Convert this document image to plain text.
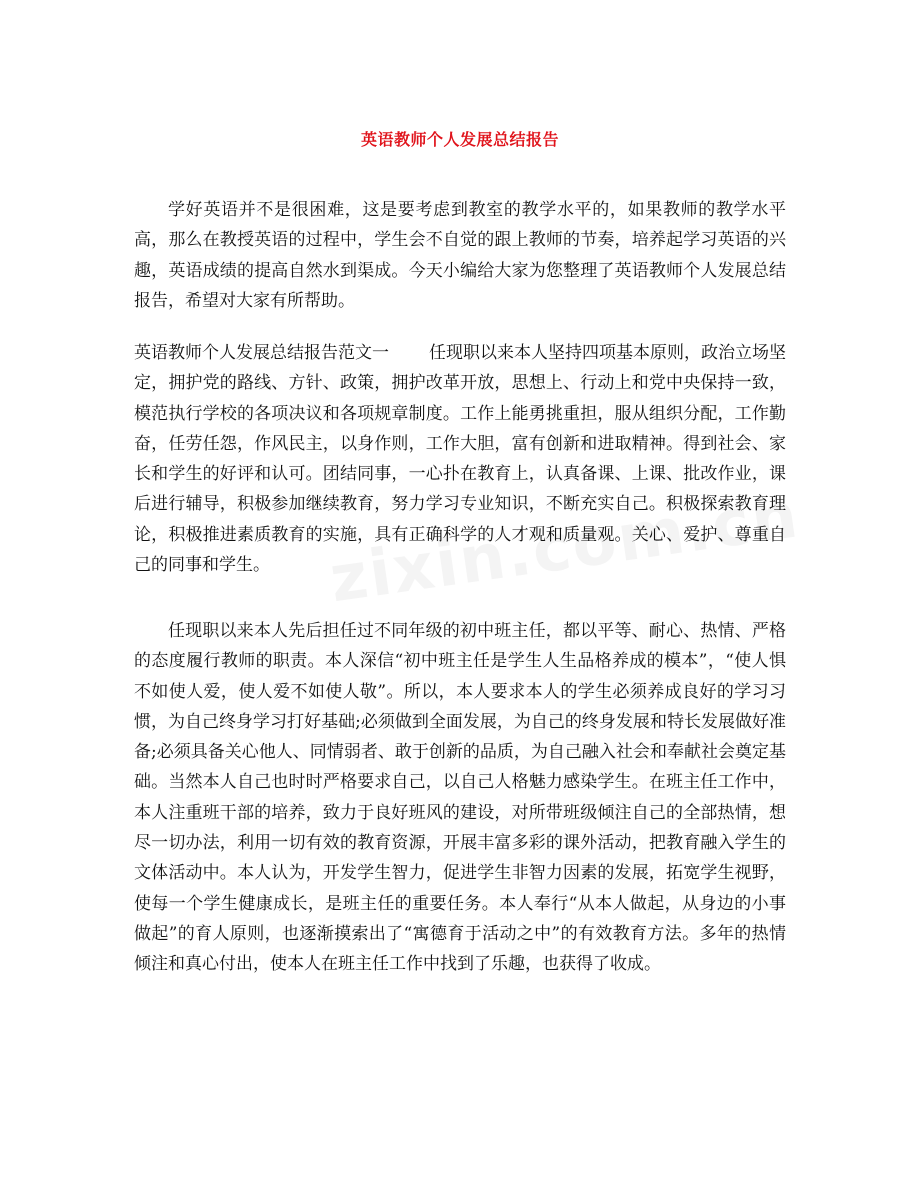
英语教师个人发展总结报告
学好英语并不是很困难，这是要考虑到教室的教学水平的，如果教师的教学水平高，那么在教授英语的过程中，学生会不自觉的跟上教师的节奏，培养起学习英语的兴趣，英语成绩的提高自然水到渠成。今天小编给大家为您整理了英语教师个人发展总结报告，希望对大家有所帮助。
英语教师个人发展总结报告范文一 任现职以来本人坚持四项基本原则，政治立场坚定，拥护党的路线、方针、政策，拥护改革开放，思想上、行动上和党中央保持一致，模范执行学校的各项决议和各项规章制度。工作上能勇挑重担，服从组织分配，工作勤奋，任劳任怨，作风民主，以身作则，工作大胆，富有创新和进取精神。得到社会、家长和学生的好评和认可。团结同事，一心扑在教育上，认真备课、上课、批改作业，课后进行辅导，积极参加继续教育，努力学习专业知识，不断充实自己。积极探索教育理论，积极推进素质教育的实施，具有正确科学的人才观和质量观。关心、爱护、尊重自己的同事和学生。
任现职以来本人先后担任过不同年级的初中班主任，都以平等、耐心、热情、严格的态度履行教师的职责。本人深信“初中班主任是学生人生品格养成的模本”，“使人惧不如使人爱，使人爱不如使人敬”。所以，本人要求本人的学生必须养成良好的学习习惯，为自己终身学习打好基础;必须做到全面发展，为自己的终身发展和特长发展做好准备;必须具备关心他人、同情弱者、敢于创新的品质，为自己融入社会和奉献社会奠定基础。当然本人自己也时时严格要求自己，以自己人格魅力感染学生。在班主任工作中，本人注重班干部的培养，致力于良好班风的建设，对所带班级倾注自己的全部热情，想尽一切办法，利用一切有效的教育资源，开展丰富多彩的课外活动，把教育融入学生的文体活动中。本人认为，开发学生智力，促进学生非智力因素的发展，拓宽学生视野，使每一个学生健康成长，是班主任的重要任务。本人奉行“从本人做起，从身边的小事做起”的育人原则，也逐渐摸索出了“寓德育于活动之中”的有效教育方法。多年的热情倾注和真心付出，使本人在班主任工作中找到了乐趣，也获得了收成。
